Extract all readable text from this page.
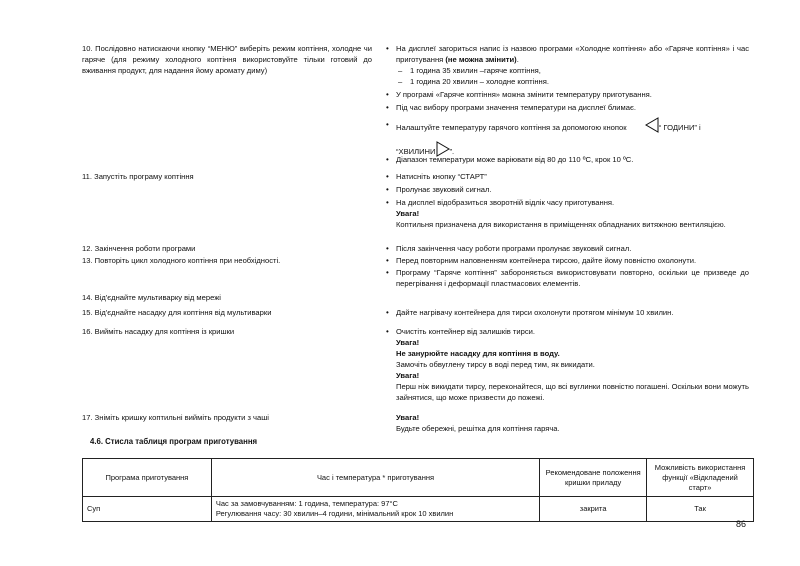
10. Послідовно натискаючи кнопку “МЕНЮ” виберіть режим коптіння, холодне чи гаряче (для режиму холодного коптіння використовуйте тільки готовий до вживання продукт, для надання йому аромату диму)
11. Запустіть програму коптіння
12. Закінчення роботи програми
13. Повторіть цикл холодного коптіння при необхідності.
14. Від'єднайте мультиварку від мережі
15. Від'єднайте насадку для коптіння від мультиварки
16. Вийміть насадку для коптіння із кришки
17. Зніміть кришку коптильні вийміть продукти з чаші
• На дисплеї загориться напис із назвою програми «Холодне коптіння» або «Гаряче коптіння» і час приготування (не можна змінити).
– 1 година 35 хвилин –гаряче коптіння,
– 1 година 20 хвилин – холодне коптіння.
• У програмі «Гаряче коптіння» можна змінити температуру приготування.
• Під час вибору програми значення температури на дисплеї блимає.
• Налаштуйте температуру гарячого коптіння за допомогою кнопок	“ ГОДИНИ” і
“ХВИЛИНИ ”.
• Діапазон температури може варіювати від 80 до 110 ºС, крок 10 ºС.
• Натисніть кнопку “СТАРТ”
• Пролунає звуковий сигнал.
• На дисплеї відобразиться зворотній відлік часу приготування.
Увага!
Коптильня призначена для використання в приміщеннях обладнаних витяжною вентиляцією.
• Після закінчення часу роботи програми пролунає звуковий сигнал.
• Перед повторним наповненням контейнера тирсою, дайте йому повністю охолонути.
• Програму “Гаряче коптіння” забороняється використовувати повторно, оскільки це призведе до перегрівання і деформації пластмасових елементів.
• Дайте нагрівачу контейнера для тирси охолонути протягом мінімум 10 хвилин.
• Очистіть контейнер від залишків тирси.
Увага!
Не занурюйте насадку для коптіння в воду.
Замочіть обвуглену тирсу в воді перед тим, як викидати.
Увага!
Перш ніж викидати тирсу, переконайтеся, що всі вуглинки повністю погашені. Оскільки вони можуть зайнятися, що може призвести до пожежі.
Увага!
Будьте обережні, решітка для коптіння гаряча.
4.6. Стисла таблиця програм приготування
Програма приготування	Час і температура * приготування	Рекомендоване положення кришки приладу	Можливість використання функції «Відкладений старт»
Суп	Час за замовчуванням: 1 година, температура: 97°С
Регулювання часу: 30 хвилин–4 години, мінімальний крок 10 хвилин	закрита	Так
86
